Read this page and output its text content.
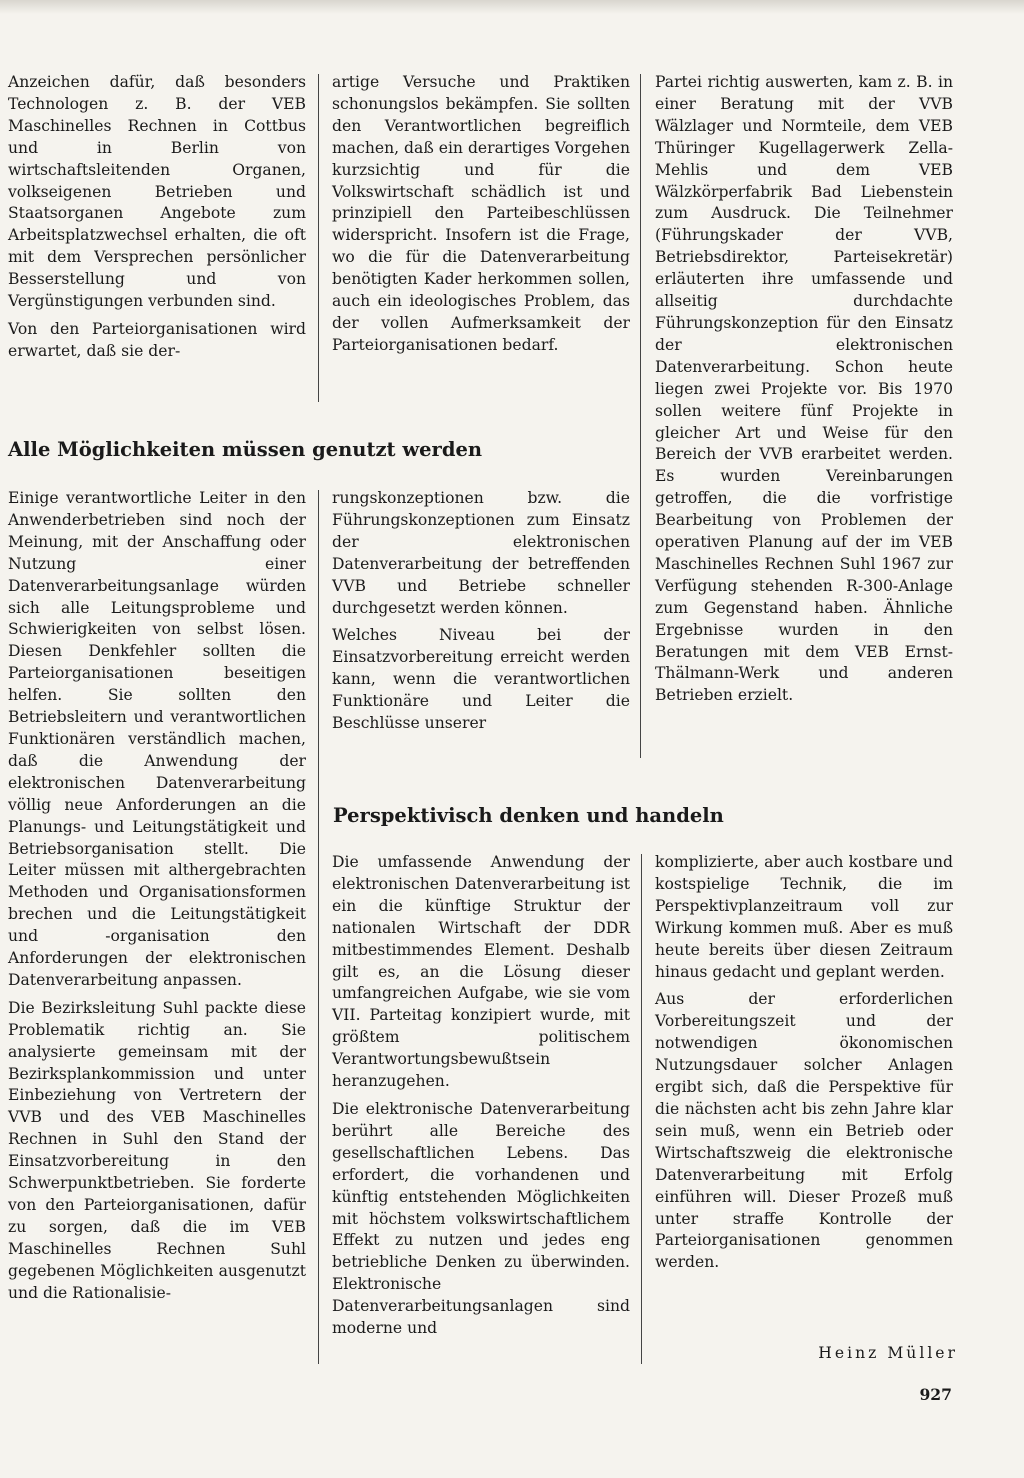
Anzeichen dafür, daß besonders Technologen z. B. der VEB Maschinelles Rechnen in Cottbus und in Berlin von wirtschaftsleitenden Organen, volkseigenen Betrieben und Staatsorganen Angebote zum Arbeitsplatzwechsel erhalten, die oft mit dem Versprechen persönlicher Besserstellung und von Vergünstigungen verbunden sind.

Von den Parteiorganisationen wird erwartet, daß sie der-

artige Versuche und Praktiken schonungslos bekämpfen. Sie sollten den Verantwortlichen begreiflich machen, daß ein derartiges Vorgehen kurzsichtig und für die Volkswirtschaft schädlich ist und prinzipiell den Parteibeschlüssen widerspricht. Insofern ist die Frage, wo die für die Datenverarbeitung benötigten Kader herkommen sollen, auch ein ideologisches Problem, das der vollen Aufmerksamkeit der Parteiorganisationen bedarf.

Partei richtig auswerten, kam z. B. in einer Beratung mit der VVB Wälzlager und Normteile, dem VEB Thüringer Kugellagerwerk Zella-Mehlis und dem VEB Wälzkörperfabrik Bad Liebenstein zum Ausdruck. Die Teilnehmer (Führungskader der VVB, Betriebsdirektor, Parteisekretär) erläuterten ihre umfassende und allseitig durchdachte Führungskonzeption für den Einsatz der elektronischen Datenverarbeitung. Schon heute liegen zwei Projekte vor. Bis 1970 sollen weitere fünf Projekte in gleicher Art und Weise für den Bereich der VVB erarbeitet werden. Es wurden Vereinbarungen getroffen, die die vorfristige Bearbeitung von Problemen der operativen Planung auf der im VEB Maschinelles Rechnen Suhl 1967 zur Verfügung stehenden R-300-Anlage zum Gegenstand haben. Ähnliche Ergebnisse wurden in den Beratungen mit dem VEB Ernst-Thälmann-Werk und anderen Betrieben erzielt.

Alle Möglichkeiten müssen genutzt werden

Einige verantwortliche Leiter in den Anwenderbetrieben sind noch der Meinung, mit der Anschaffung oder Nutzung einer Datenverarbeitungsanlage würden sich alle Leitungsprobleme und Schwierigkeiten von selbst lösen. Diesen Denkfehler sollten die Parteiorganisationen beseitigen helfen. Sie sollten den Betriebsleitern und verantwortlichen Funktionären verständlich machen, daß die Anwendung der elektronischen Datenverarbeitung völlig neue Anforderungen an die Planungs- und Leitungstätigkeit und Betriebsorganisation stellt. Die Leiter müssen mit althergebrachten Methoden und Organisationsformen brechen und die Leitungstätigkeit und -organisation den Anforderungen der elektronischen Datenverarbeitung anpassen.

Die Bezirksleitung Suhl packte diese Problematik richtig an. Sie analysierte gemeinsam mit der Bezirksplankommission und unter Einbeziehung von Vertretern der VVB und des VEB Maschinelles Rechnen in Suhl den Stand der Einsatzvorbereitung in den Schwerpunktbetrieben. Sie forderte von den Parteiorganisationen, dafür zu sorgen, daß die im VEB Maschinelles Rechnen Suhl gegebenen Möglichkeiten ausgenutzt und die Rationalisie-

rungskonzeptionen bzw. die Führungskonzeptionen zum Einsatz der elektronischen Datenverarbeitung der betreffenden VVB und Betriebe schneller durchgesetzt werden können.

Welches Niveau bei der Einsatzvorbereitung erreicht werden kann, wenn die verantwortlichen Funktionäre und Leiter die Beschlüsse unserer

Perspektivisch denken und handeln

Die umfassende Anwendung der elektronischen Datenverarbeitung ist ein die künftige Struktur der nationalen Wirtschaft der DDR mitbestimmendes Element. Deshalb gilt es, an die Lösung dieser umfangreichen Aufgabe, wie sie vom VII. Parteitag konzipiert wurde, mit größtem politischem Verantwortungsbewußtsein heranzugehen.

Die elektronische Datenverarbeitung berührt alle Bereiche des gesellschaftlichen Lebens. Das erfordert, die vorhandenen und künftig entstehenden Möglichkeiten mit höchstem volkswirtschaftlichem Effekt zu nutzen und jedes eng betriebliche Denken zu überwinden. Elektronische Datenverarbeitungsanlagen sind moderne und

komplizierte, aber auch kostbare und kostspielige Technik, die im Perspektivplanzeitraum voll zur Wirkung kommen muß. Aber es muß heute bereits über diesen Zeitraum hinaus gedacht und geplant werden.

Aus der erforderlichen Vorbereitungszeit und der notwendigen ökonomischen Nutzungsdauer solcher Anlagen ergibt sich, daß die Perspektive für die nächsten acht bis zehn Jahre klar sein muß, wenn ein Betrieb oder Wirtschaftszweig die elektronische Datenverarbeitung mit Erfolg einführen will. Dieser Prozeß muß unter straffe Kontrolle der Parteiorganisationen genommen werden.

Heinz Müller
927
